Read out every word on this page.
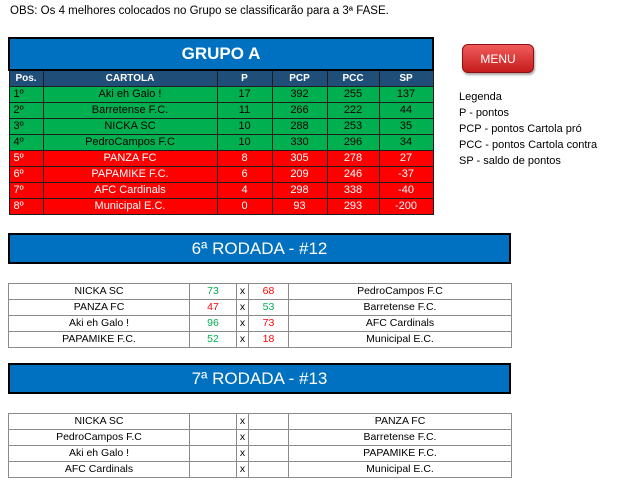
OBS: Os 4 melhores colocados no Grupo se classificarão para a 3ª FASE.
GRUPO A					
Pos.	CARTOLA	P	PCP	PCC	SP
1º	Aki eh Galo !	17	392	255	137
2º	Barretense F.C.	11	266	222	44
3º	NICKA SC	10	288	253	35
4º	PedroCampos F.C	10	330	296	34
5º	PANZA FC	8	305	278	27
6º	PAPAMIKE F.C.	6	209	246	-37
7º	AFC Cardinals	4	298	338	-40
8º	Municipal E.C.	0	93	293	-200
MENU
Legenda
P - pontos
PCP - pontos Cartola pró
PCC - pontos Cartola contra
SP - saldo de pontos
6ª RODADA - #12
NICKA SC	73	x	68	PedroCampos F.C
PANZA FC	47	x	53	Barretense F.C.
Aki eh Galo !	96	x	73	AFC Cardinals
PAPAMIKE F.C.	52	x	18	Municipal E.C.
7ª RODADA - #13
NICKA SC		x		PANZA FC
PedroCampos F.C		x		Barretense F.C.
Aki eh Galo !		x		PAPAMIKE F.C.
AFC Cardinals		x		Municipal E.C.
